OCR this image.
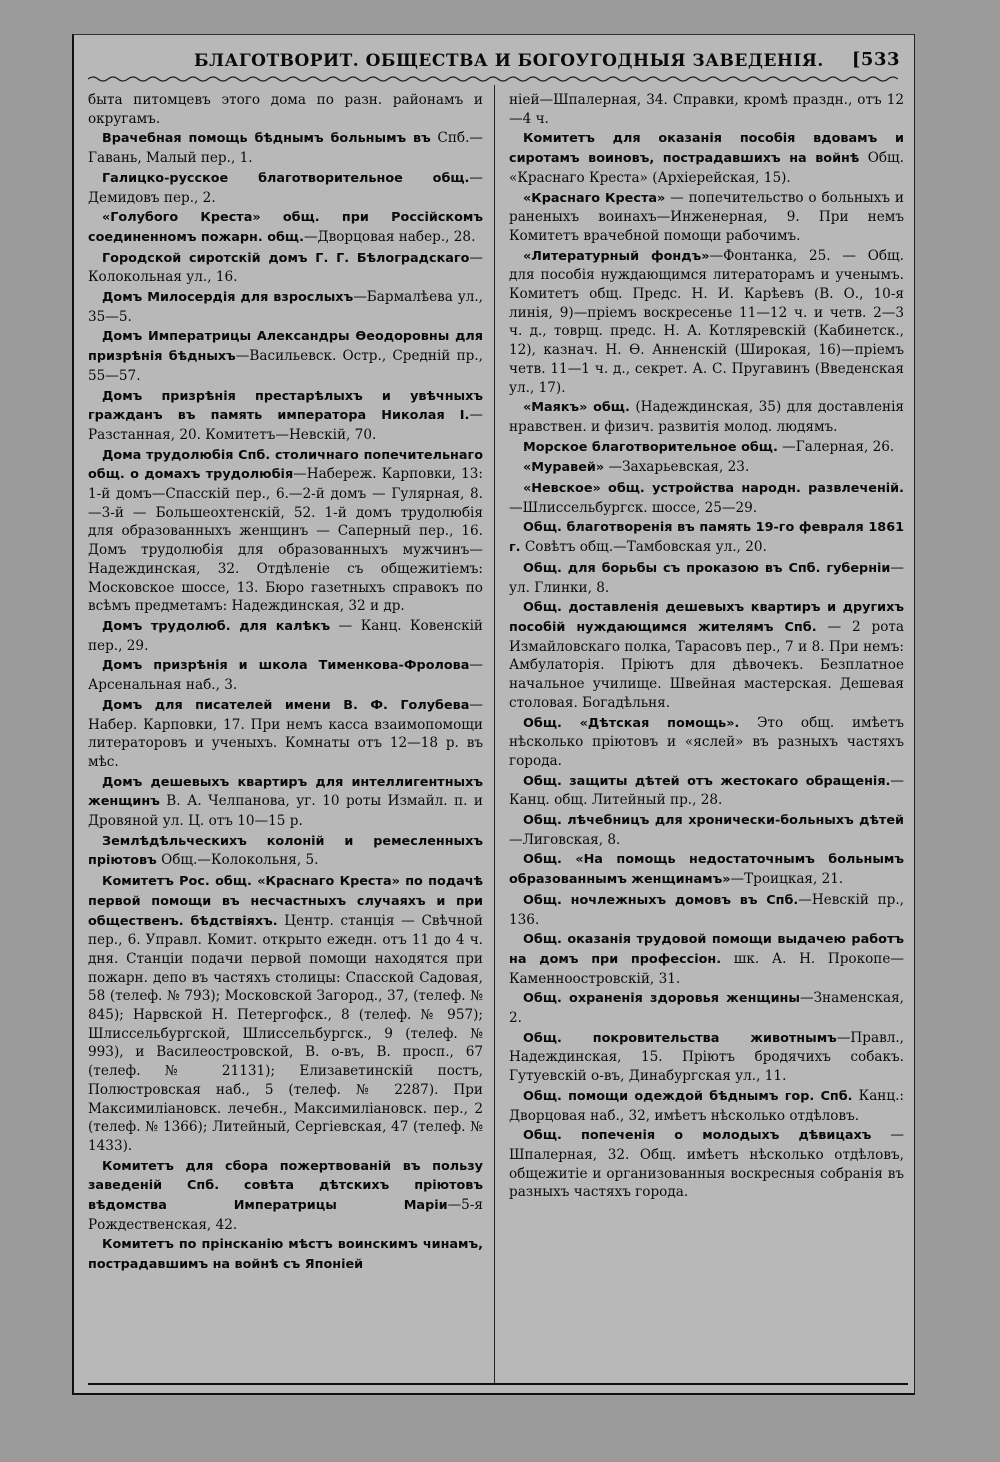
БЛАГОТВОРИТ. ОБЩЕСТВА И БОГОУГОДНЫЯ ЗАВЕДЕНІЯ. [533

быта питомцевъ этого дома по разн. районамъ и округамъ.

Врачебная помощь бѣднымъ больнымъ въ Спб.—Гавань, Малый пер., 1.

Галицко-русское благотворительное общ.—Демидовъ пер., 2.

«Голубого Креста» общ. при Россійскомъ соединенномъ пожарн. общ.—Дворцовая набер., 28.

Городской сиротскій домъ Г. Г. Бѣлоградскаго—Колокольная ул., 16.

Домъ Милосердія для взрослыхъ—Бармалѣева ул., 35—5.

Домъ Императрицы Александры Ѳеодоровны для призрѣнія бѣдныхъ—Васильевск. Остр., Средній пр., 55—57.

Домъ призрѣнія престарѣлыхъ и увѣчныхъ гражданъ въ память императора Николая I.—Разстанная, 20. Комитетъ—Невскій, 70.

Дома трудолюбія Спб. столичнаго попечительнаго общ. о домахъ трудолюбія—Набереж. Карповки, 13: 1-й домъ—Спасскій пер., 6.—2-й домъ — Гулярная, 8.—3-й — Большеохтенскій, 52. 1-й домъ трудолюбія для образованныхъ женщинъ — Саперный пер., 16. Домъ трудолюбія для образованныхъ мужчинъ—Надеждинская, 32. Отдѣленіе съ общежитіемъ: Московское шоссе, 13. Бюро газетныхъ справокъ по всѣмъ предметамъ: Надеждинская, 32 и др.

Домъ трудолюб. для калѣкъ — Канц. Ковенскій пер., 29.

Домъ призрѣнія и школа Тименкова-Фролова—Арсенальная наб., 3.

Домъ для писателей имени В. Ф. Голубева—Набер. Карповки, 17. При немъ касса взаимопомощи литераторовъ и ученыхъ. Комнаты отъ 12—18 р. въ мѣс.

Домъ дешевыхъ квартиръ для интеллигентныхъ женщинъ В. А. Челпанова, уг. 10 роты Измайл. п. и Дровяной ул. Ц. отъ 10—15 р.

Землѣдѣльческихъ колоній и ремесленныхъ пріютовъ Общ.—Колокольня, 5.

Комитетъ Рос. общ. «Краснаго Креста» по подачѣ первой помощи въ несчастныхъ случаяхъ и при общественъ. бѣдствіяхъ. Центр. станція — Свѣчной пер., 6. Управл. Комит. открыто ежедн. отъ 11 до 4 ч. дня. Станціи подачи первой помощи находятся при пожарн. депо въ частяхъ столицы: Спасской Садовая, 58 (телеф. № 793); Московской Загород., 37, (телеф. № 845); Нарвской Н. Петергофск., 8 (телеф. № 957); Шлиссельбургской, Шлиссельбургск., 9 (телеф. № 993), и Василеостровской, В. о-въ, В. просп., 67 (телеф. № 21131); Елизаветинскій постъ, Полюстровская наб., 5 (телеф. № 2287). При Максимиліановск. лечебн., Максимиліановск. пер., 2 (телеф. № 1366); Литейный, Сергіевская, 47 (телеф. № 1433).

Комитетъ для сбора пожертвованій въ пользу заведеній Спб. совѣта дѣтскихъ пріютовъ вѣдомства Императрицы Маріи—5-я Рождественская, 42.

Комитетъ по прінсканію мѣстъ воинскимъ чинамъ, пострадавшимъ на войнѣ съ Японіей

ніей—Шпалерная, 34. Справки, кромѣ праздн., отъ 12—4 ч.

Комитетъ для оказанія пособія вдовамъ и сиротамъ воиновъ, пострадавшихъ на войнѣ Общ. «Краснаго Креста» (Архіерейская, 15).

«Краснаго Креста» — попечительство о больныхъ и раненыхъ воинахъ—Инженерная, 9. При немъ Комитетъ врачебной помощи рабочимъ.

«Литературный фондъ»—Фонтанка, 25. — Общ. для пособія нуждающимся литераторамъ и ученымъ. Комитетъ общ. Предс. Н. И. Карѣевъ (В. О., 10-я линія, 9)—пріемъ воскресенье 11—12 ч. и четв. 2—3 ч. д., товрщ. предс. Н. А. Котляревскій (Кабинетск., 12), казнач. Н. Ѳ. Анненскій (Широкая, 16)—пріемъ четв. 11—1 ч. д., секрет. А. С. Пругавинъ (Введенская ул., 17).

«Маякъ» общ. (Надеждинская, 35) для доставленія нравствен. и физич. развитія молод. людямъ.

Морское благотворительное общ. —Галерная, 26.

«Муравей» —Захарьевская, 23.

«Невское» общ. устройства народн. развлеченій.—Шлиссельбургск. шоссе, 25—29.

Общ. благотворенія въ память 19-го февраля 1861 г. Совѣтъ общ.—Тамбовская ул., 20.

Общ. для борьбы съ проказою въ Спб. губерніи—ул. Глинки, 8.

Общ. доставленія дешевыхъ квартиръ и другихъ пособій нуждающимся жителямъ Спб. — 2 рота Измайловскаго полка, Тарасовъ пер., 7 и 8. При немъ: Амбулаторія. Пріютъ для дѣвочекъ. Безплатное начальное училище. Швейная мастерская. Дешевая столовая. Богадѣльня.

Общ. «Дѣтская помощь». Это общ. имѣетъ нѣсколько пріютовъ и «яслей» въ разныхъ частяхъ города.

Общ. защиты дѣтей отъ жестокаго обращенія.—Канц. общ. Литейный пр., 28.

Общ. лѣчебницъ для хронически-больныхъ дѣтей—Лиговская, 8.

Общ. «На помощь недостаточнымъ больнымъ образованнымъ женщинамъ»—Троицкая, 21.

Общ. ночлежныхъ домовъ въ Спб.—Невскій пр., 136.

Общ. оказанія трудовой помощи выдачею работъ на домъ при профессіон. шк. А. Н. Прокопе—Каменноостровскій, 31.

Общ. охраненія здоровья женщины—Знаменская, 2.

Общ. покровительства животнымъ—Правл., Надеждинская, 15. Пріютъ бродячихъ собакъ. Гутуевскій о-въ, Динабургская ул., 11.

Общ. помощи одеждой бѣднымъ гор. Спб. Канц.: Дворцовая наб., 32, имѣетъ нѣсколько отдѣловъ.

Общ. попеченія о молодыхъ дѣвицахъ — Шпалерная, 32. Общ. имѣетъ нѣсколько отдѣловъ, общежитіе и организованныя воскресныя собранія въ разныхъ частяхъ города.
